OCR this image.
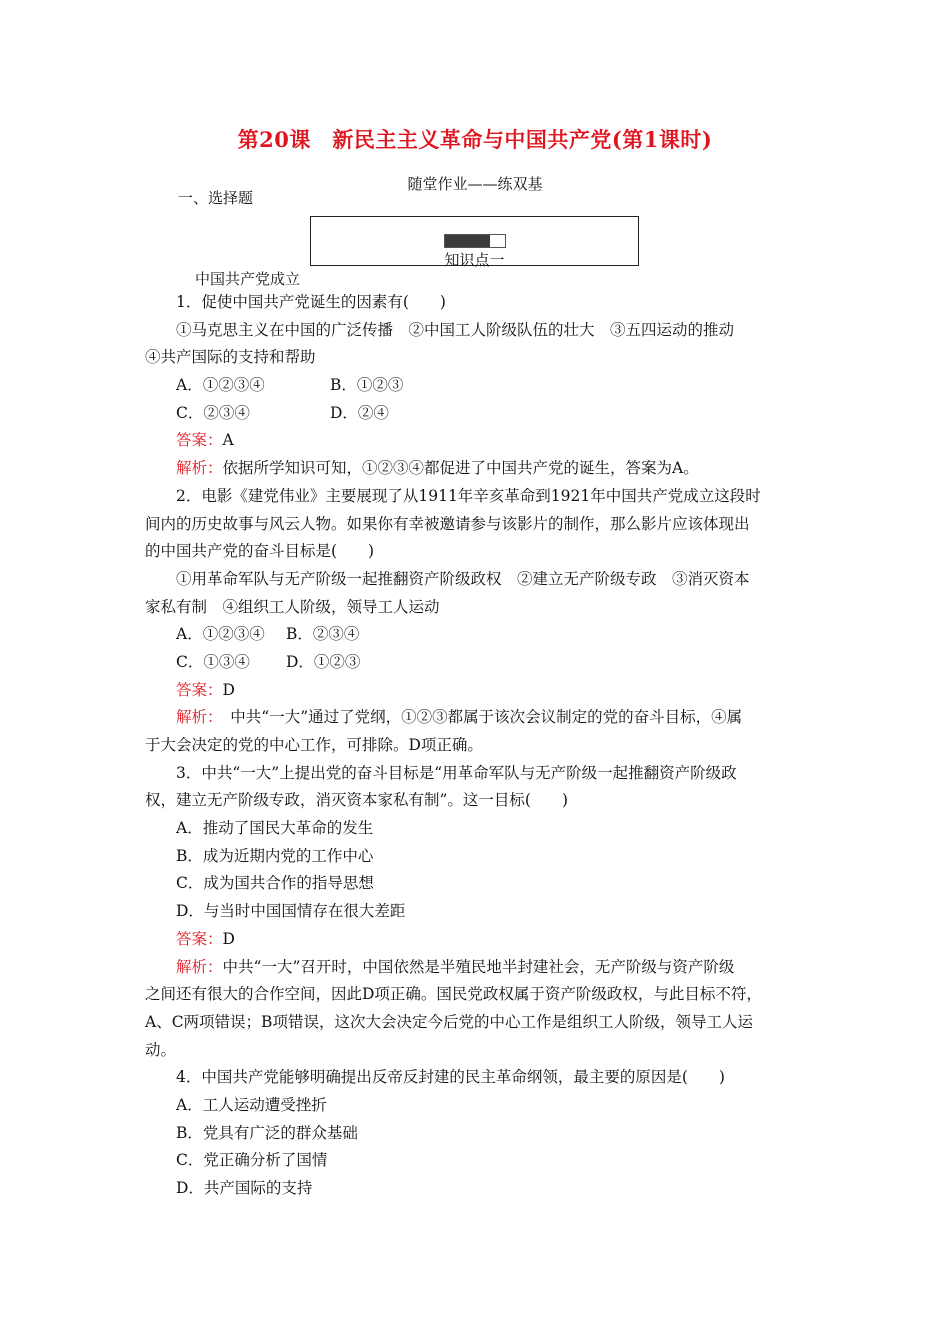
第20课　新民主主义革命与中国共产党(第1课时)
随堂作业——练双基
一、选择题
知识点一
中国共产党成立
1．促使中国共产党诞生的因素有(　　)
①马克思主义在中国的广泛传播　②中国工人阶级队伍的壮大　③五四运动的推动
④共产国际的支持和帮助
A．①②③④	B．①②③
C．②③④	D．②④
答案：A
解析：依据所学知识可知，①②③④都促进了中国共产党的诞生，答案为A。
2．电影《建党伟业》主要展现了从1911年辛亥革命到1921年中国共产党成立这段时
间内的历史故事与风云人物。如果你有幸被邀请参与该影片的制作，那么影片应该体现出
的中国共产党的奋斗目标是(　　)
①用革命军队与无产阶级一起推翻资产阶级政权　②建立无产阶级专政　③消灭资本
家私有制　④组织工人阶级，领导工人运动
A．①②③④ B．②③④
C．①③④ D．①②③
答案：D
解析：　中共“一大”通过了党纲，①②③都属于该次会议制定的党的奋斗目标，④属
于大会决定的党的中心工作，可排除。D项正确。
3．中共“一大”上提出党的奋斗目标是“用革命军队与无产阶级一起推翻资产阶级政
权，建立无产阶级专政，消灭资本家私有制”。这一目标(　　)
A．推动了国民大革命的发生
B．成为近期内党的工作中心
C．成为国共合作的指导思想
D．与当时中国国情存在很大差距
答案：D
解析：中共“一大”召开时，中国依然是半殖民地半封建社会，无产阶级与资产阶级
之间还有很大的合作空间，因此D项正确。国民党政权属于资产阶级政权，与此目标不符，
A、C两项错误；B项错误，这次大会决定今后党的中心工作是组织工人阶级，领导工人运
动。
4．中国共产党能够明确提出反帝反封建的民主革命纲领，最主要的原因是(　　)
A．工人运动遭受挫折
B．党具有广泛的群众基础
C．党正确分析了国情
D．共产国际的支持
